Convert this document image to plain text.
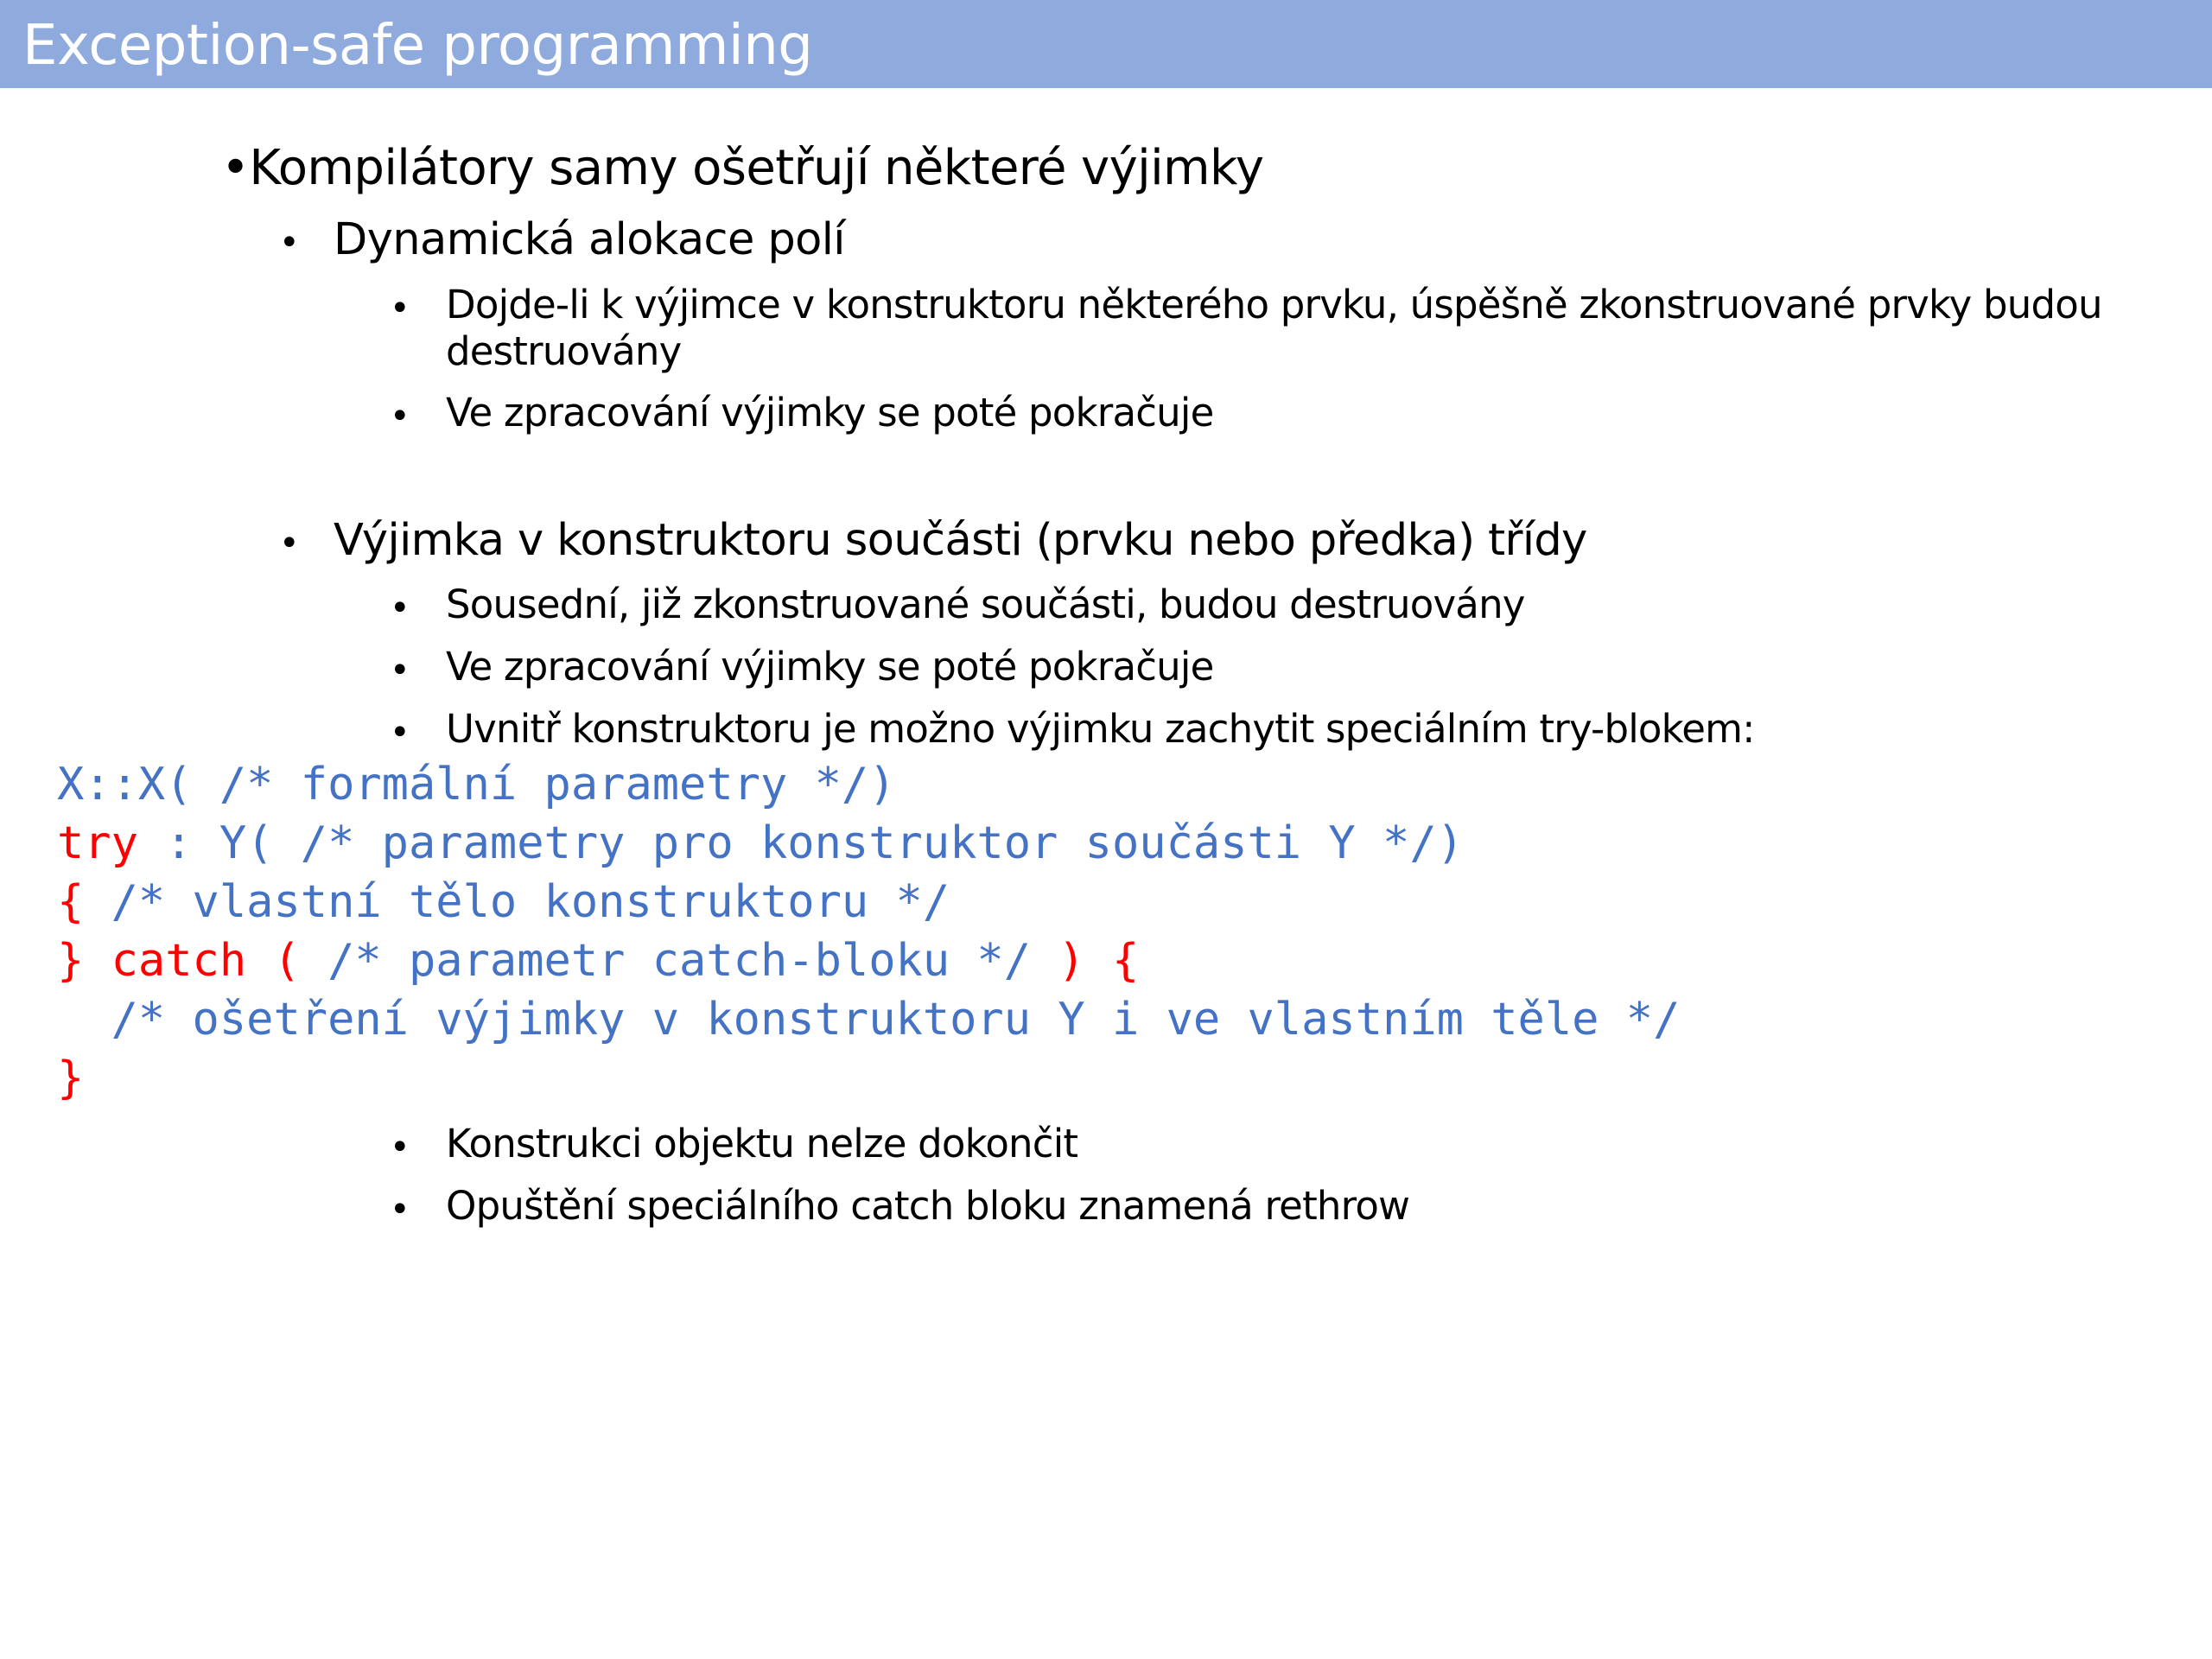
Exception-safe programming
•Kompilátory samy ošetřují některé výjimky
• Dynamická alokace polí
• Dojde-li k výjimce v konstruktoru některého prvku, úspěšně zkonstruované prvky budou
destruovány
• Ve zpracování výjimky se poté pokračuje
• Výjimka v konstruktoru součásti (prvku nebo předka) třídy
• Sousední, již zkonstruované součásti, budou destruovány
• Ve zpracování výjimky se poté pokračuje
• Uvnitř konstruktoru je možno výjimku zachytit speciálním try-blokem:
X::X( /* formální parametry */)
try : Y( /* parametry pro konstruktor součásti Y */)
{ /* vlastní tělo konstruktoru */
} catch ( /* parametr catch-bloku */ ) {
/* ošetření výjimky v konstruktoru Y i ve vlastním těle */
}
• Konstrukci objektu nelze dokončit
• Opuštění speciálního catch bloku znamená rethrow
